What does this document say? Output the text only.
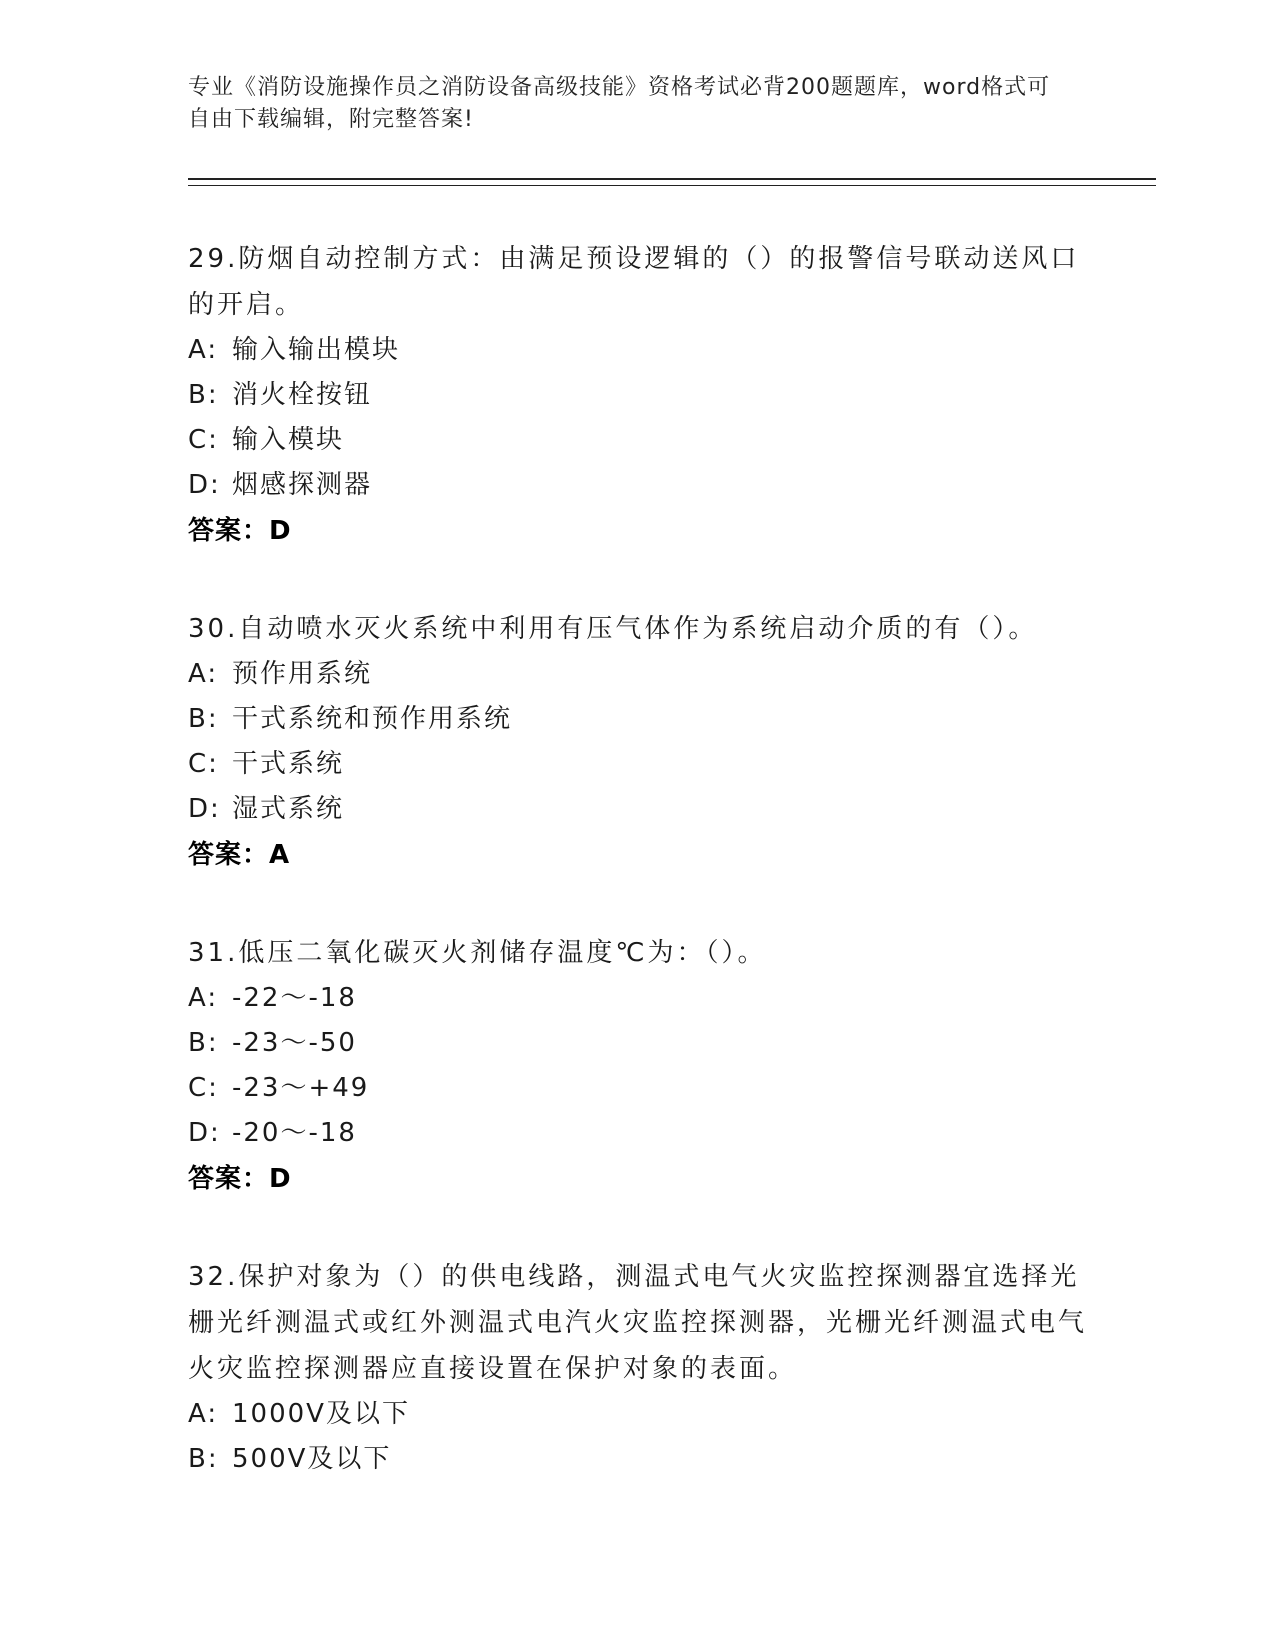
专业《消防设施操作员之消防设备高级技能》资格考试必背200题题库，word格式可自由下载编辑，附完整答案!

29.防烟自动控制方式：由满足预设逻辑的（）的报警信号联动送风口的开启。

A: 输入输出模块
B: 消火栓按钮
C: 输入模块
D: 烟感探测器
答案：D

30.自动喷水灭火系统中利用有压气体作为系统启动介质的有（）。

A: 预作用系统
B: 干式系统和预作用系统
C: 干式系统
D: 湿式系统
答案：A

31.低压二氧化碳灭火剂储存温度℃为：（）。

A: -22～-18
B: -23～-50
C: -23～+49
D: -20～-18
答案：D

32.保护对象为（）的供电线路，测温式电气火灾监控探测器宜选择光栅光纤测温式或红外测温式电汽火灾监控探测器，光栅光纤测温式电气火灾监控探测器应直接设置在保护对象的表面。

A: 1000V及以下
B: 500V及以下
